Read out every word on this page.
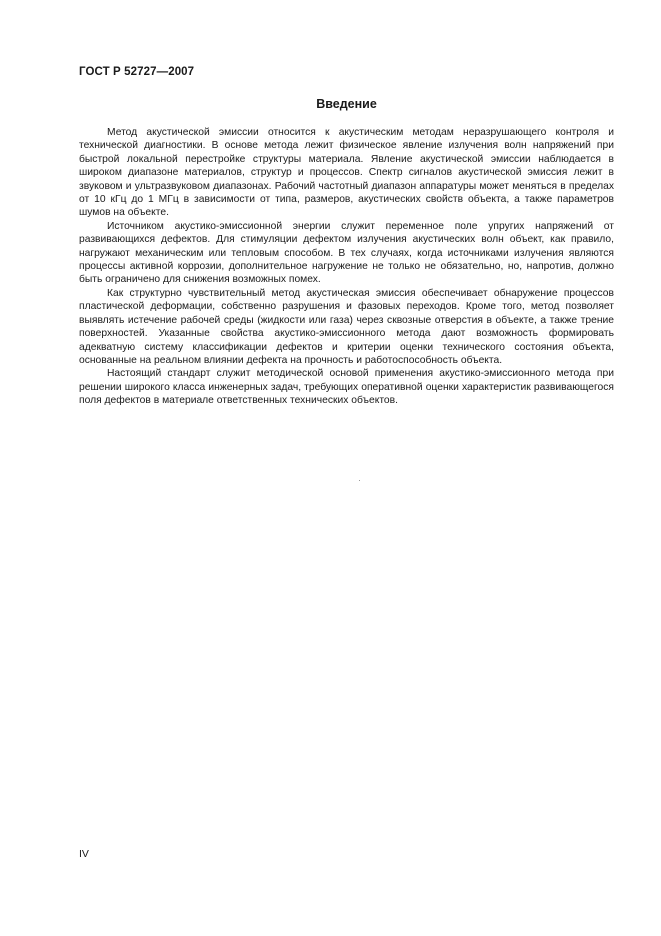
ГОСТ Р 52727—2007
Введение

Метод акустической эмиссии относится к акустическим методам неразрушающего контроля и технической диагностики. В основе метода лежит физическое явление излучения волн напряжений при быстрой локальной перестройке структуры материала. Явление акустической эмиссии наблюдается в широком диапазоне материалов, структур и процессов. Спектр сигналов акустической эмиссия лежит в звуковом и ультразвуковом диапазонах. Рабочий частотный диапазон аппаратуры может меняться в пределах от 10 кГц до 1 МГц в зависимости от типа, размеров, акустических свойств объекта, а также параметров шумов на объекте.

Источником акустико-эмиссионной энергии служит переменное поле упругих напряжений от развивающихся дефектов. Для стимуляции дефектом излучения акустических волн объект, как правило, нагружают механическим или тепловым способом. В тех случаях, когда источниками излучения являются процессы активной коррозии, дополнительное нагружение не только не обязательно, но, напротив, должно быть ограничено для снижения возможных помех.

Как структурно чувствительный метод акустическая эмиссия обеспечивает обнаружение процессов пластической деформации, собственно разрушения и фазовых переходов. Кроме того, метод позволяет выявлять истечение рабочей среды (жидкости или газа) через сквозные отверстия в объекте, а также трение поверхностей. Указанные свойства акустико-эмиссионного метода дают возможность формировать адекватную систему классификации дефектов и критерии оценки технического состояния объекта, основанные на реальном влиянии дефекта на прочность и работоспособность объекта.

Настоящий стандарт служит методической основой применения акустико-эмиссионного метода при решении широкого класса инженерных задач, требующих оперативной оценки характеристик развивающегося поля дефектов в материале ответственных технических объектов.

IV
